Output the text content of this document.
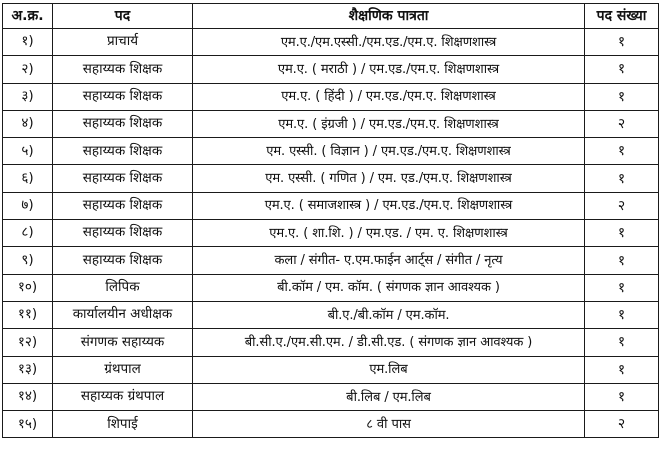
अ.क्र.	पद	शैक्षणिक पात्रता	पद संख्या
१)	प्राचार्य	एम.ए./एम.एस्सी./एम.एड./एम.ए. शिक्षणशास्त्र	१
२)	सहाय्यक शिक्षक	एम.ए. ( मराठी ) / एम.एड./एम.ए. शिक्षणशास्त्र	१
३)	सहाय्यक शिक्षक	एम.ए. ( हिंदी ) / एम.एड./एम.ए. शिक्षणशास्त्र	१
४)	सहाय्यक शिक्षक	एम.ए. ( इंग्रजी ) / एम.एड./एम.ए. शिक्षणशास्त्र	२
५)	सहाय्यक शिक्षक	एम. एस्सी. ( विज्ञान ) / एम.एड./एम.ए. शिक्षणशास्त्र	१
६)	सहाय्यक शिक्षक	एम. एस्सी. ( गणित ) / एम. एड./एम.ए. शिक्षणशास्त्र	१
७)	सहाय्यक शिक्षक	एम.ए. ( समाजशास्त्र ) / एम.एड./एम.ए. शिक्षणशास्त्र	२
८)	सहाय्यक शिक्षक	एम.ए. ( शा.शि. ) / एम.एड. / एम. ए. शिक्षणशास्त्र	१
९)	सहाय्यक शिक्षक	कला / संगीत- ए.एम.फाईन आर्ट्स / संगीत / नृत्य	१
१०)	लिपिक	बी.कॉम / एम. कॉम. ( संगणक ज्ञान आवश्यक )	१
११)	कार्यालयीन अधीक्षक	बी.ए./बी.कॉम / एम.कॉम.	१
१२)	संगणक सहाय्यक	बी.सी.ए./एम.सी.एम. / डी.सी.एड. ( संगणक ज्ञान आवश्यक )	१
१३)	ग्रंथपाल	एम.लिब	१
१४)	सहाय्यक ग्रंथपाल	बी.लिब / एम.लिब	१
१५)	शिपाई	८ वी पास	२
